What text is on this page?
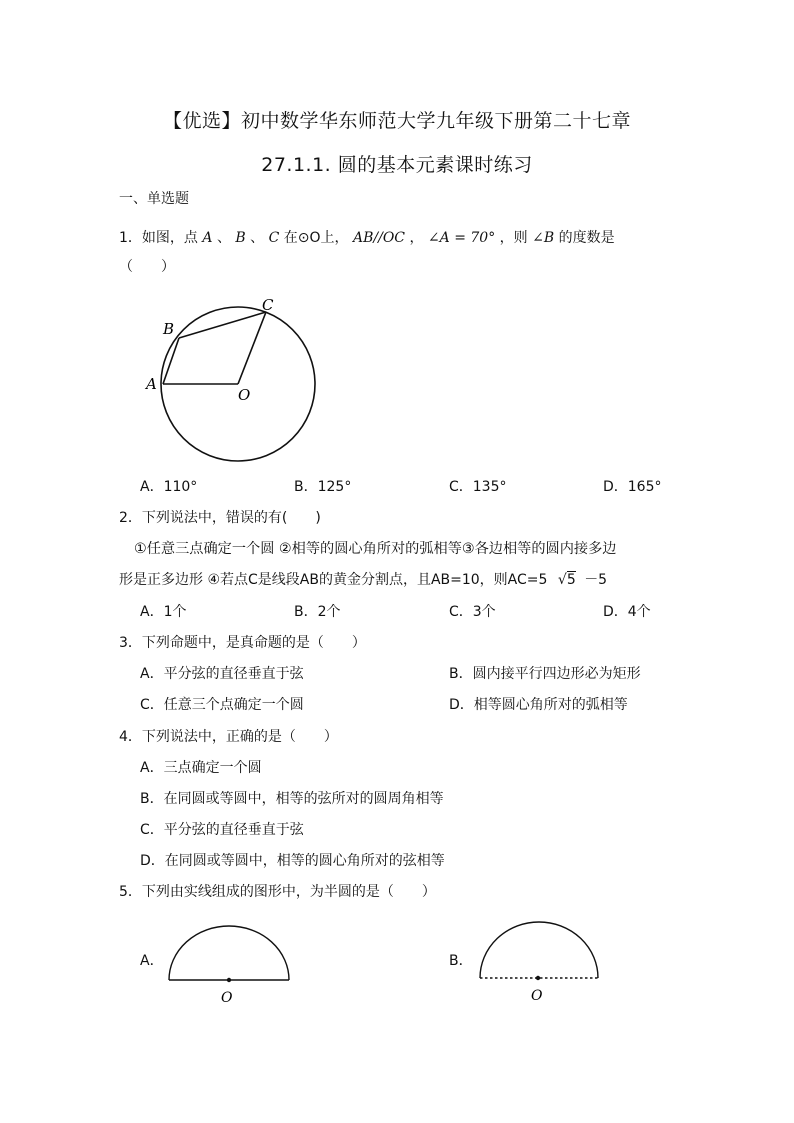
【优选】初中数学华东师范大学九年级下册第二十七章
27.1.1. 圆的基本元素课时练习
一、单选题
1．如图，点 A 、 B 、 C 在⊙O上， AB//OC ， ∠A = 70° ，则 ∠B 的度数是
（　　）
A
B
C
O
A．110°	B．125°	C．135°	D．165°
2．下列说法中，错误的有(　　)
①任意三点确定一个圆 ②相等的圆心角所对的弧相等③各边相等的圆内接多边
形是正多边形 ④若点C是线段AB的黄金分割点，且AB=10，则AC=5 √5 －5
A．1个	B．2个	C．3个	D．4个
3．下列命题中，是真命题的是（　　）
A．平分弦的直径垂直于弦	B．圆内接平行四边形必为矩形
C．任意三个点确定一个圆	D．相等圆心角所对的弧相等
4．下列说法中，正确的是（　　）
A．三点确定一个圆
B．在同圆或等圆中，相等的弦所对的圆周角相等
C．平分弦的直径垂直于弦
D．在同圆或等圆中，相等的圆心角所对的弦相等
5．下列由实线组成的图形中，为半圆的是（　　）
A．
O
B．
O
